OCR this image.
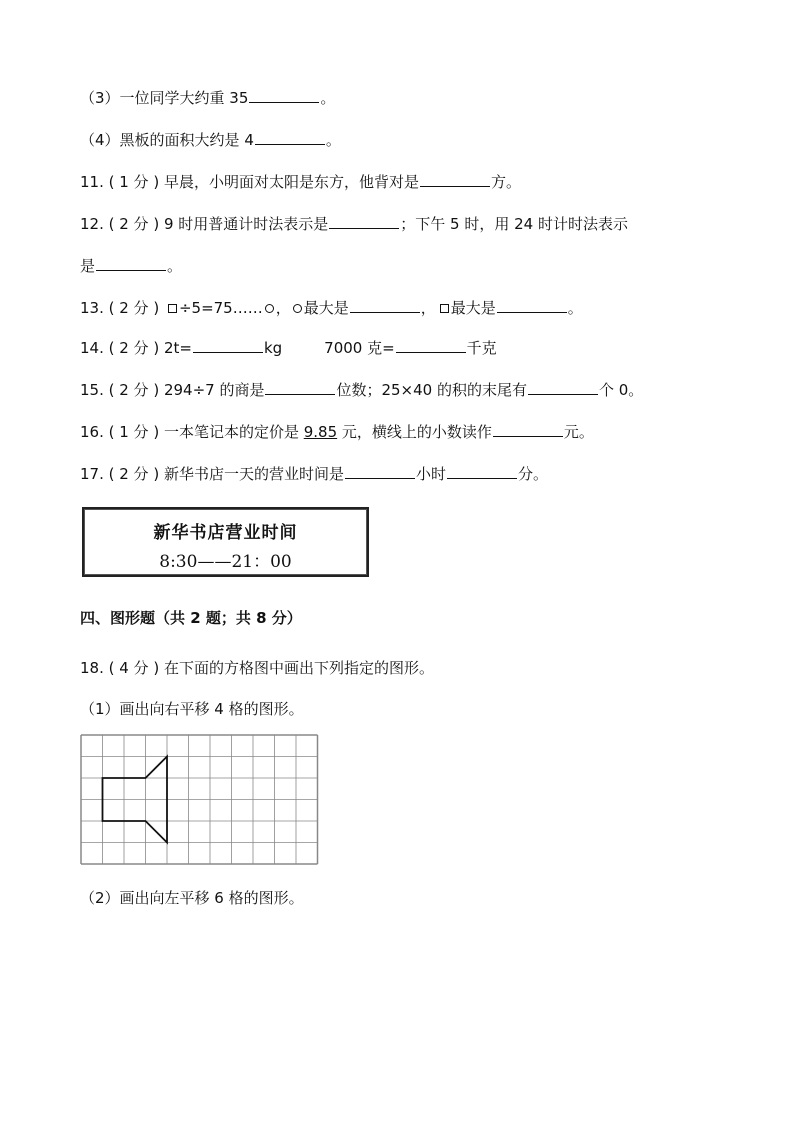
（3）一位同学大约重 35	。
（4）黑板的面积大约是 4	。
11. ( 1 分 ) 早晨，小明面对太阳是东方，他背对是	方。
12. ( 2 分 ) 9 时用普通计时法表示是	；下午 5 时，用 24 时计时法表示
是	。
13. ( 2 分 ) ÷5=75…… ， 最大是	， 最大是	。
14. ( 2 分 ) 2t=	kg	7000 克=	千克
15. ( 2 分 ) 294÷7 的商是	位数；25×40 的积的末尾有	个 0。
16. ( 1 分 ) 一本笔记本的定价是 9.85 元，横线上的小数读作	元。
17. ( 2 分 ) 新华书店一天的营业时间是	小时	分。
新华书店营业时间
8:30——21：00
四、图形题（共 2 题；共 8 分）
18. ( 4 分 ) 在下面的方格图中画出下列指定的图形。
（1）画出向右平移 4 格的图形。
（2）画出向左平移 6 格的图形。
